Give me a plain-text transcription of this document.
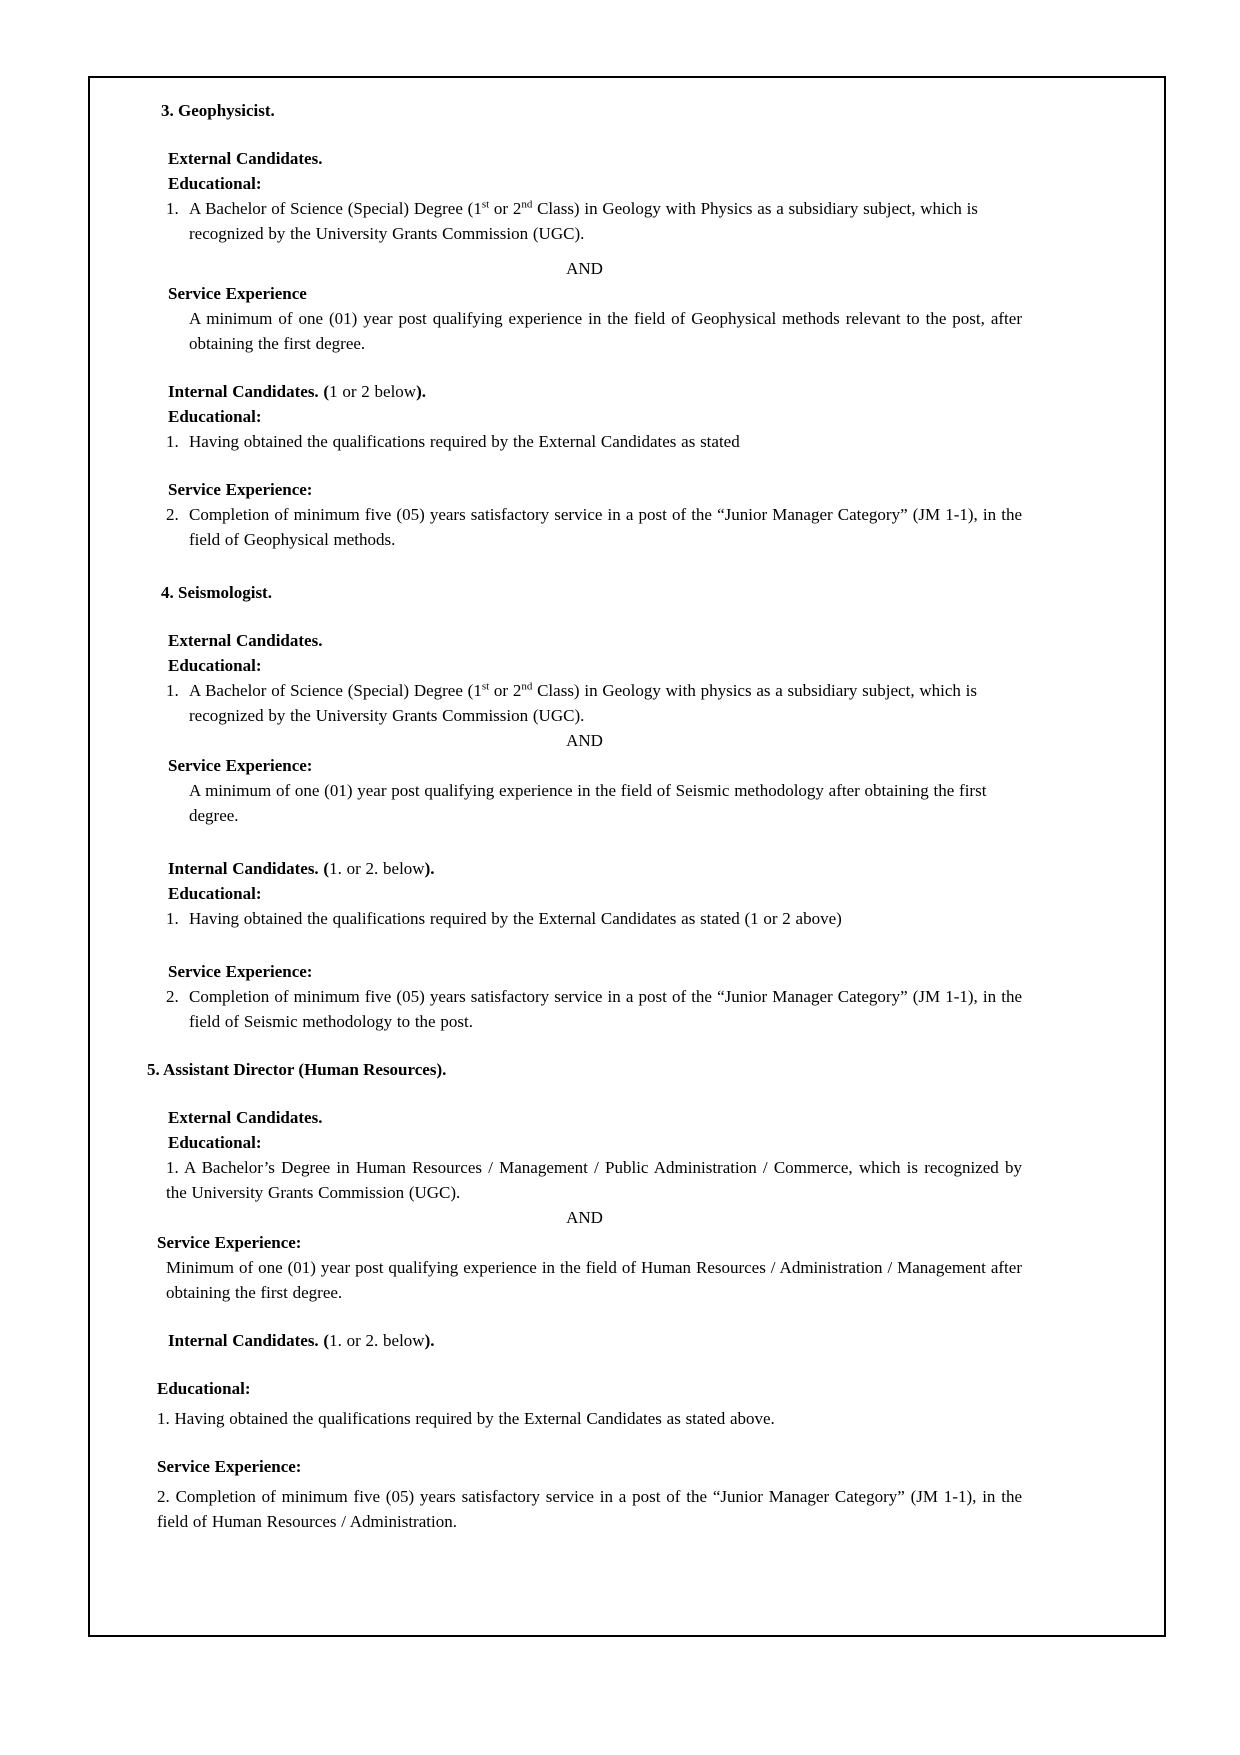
3. Geophysicist.
External Candidates.
Educational:
1. A Bachelor of Science (Special) Degree (1st or 2nd Class) in Geology with Physics as a subsidiary subject, which is recognized by the University Grants Commission (UGC).
AND
Service Experience
A minimum of one (01) year post qualifying experience in the field of Geophysical methods relevant to the post, after obtaining the first degree.
Internal Candidates. (1 or 2 below).
Educational:
1. Having obtained the qualifications required by the External Candidates as stated
Service Experience:
2. Completion of minimum five (05) years satisfactory service in a post of the “Junior Manager Category” (JM 1-1), in the field of Geophysical methods.
4. Seismologist.
External Candidates.
Educational:
1. A Bachelor of Science (Special) Degree (1st or 2nd Class) in Geology with physics as a subsidiary subject, which is recognized by the University Grants Commission (UGC).
AND
Service Experience:
A minimum of one (01) year post qualifying experience in the field of Seismic methodology after obtaining the first degree.
Internal Candidates. (1. or 2. below).
Educational:
1. Having obtained the qualifications required by the External Candidates as stated (1 or 2 above)
Service Experience:
2. Completion of minimum five (05) years satisfactory service in a post of the “Junior Manager Category” (JM 1-1), in the field of Seismic methodology to the post.
5. Assistant Director (Human Resources).
External Candidates.
Educational:
1. A Bachelor’s Degree in Human Resources / Management / Public Administration / Commerce, which is recognized by the University Grants Commission (UGC).
AND
Service Experience:
Minimum of one (01) year post qualifying experience in the field of Human Resources / Administration / Management after obtaining the first degree.
Internal Candidates. (1. or 2. below).
Educational:
1. Having obtained the qualifications required by the External Candidates as stated above.
Service Experience:
2. Completion of minimum five (05) years satisfactory service in a post of the “Junior Manager Category” (JM 1-1), in the field of Human Resources / Administration.
